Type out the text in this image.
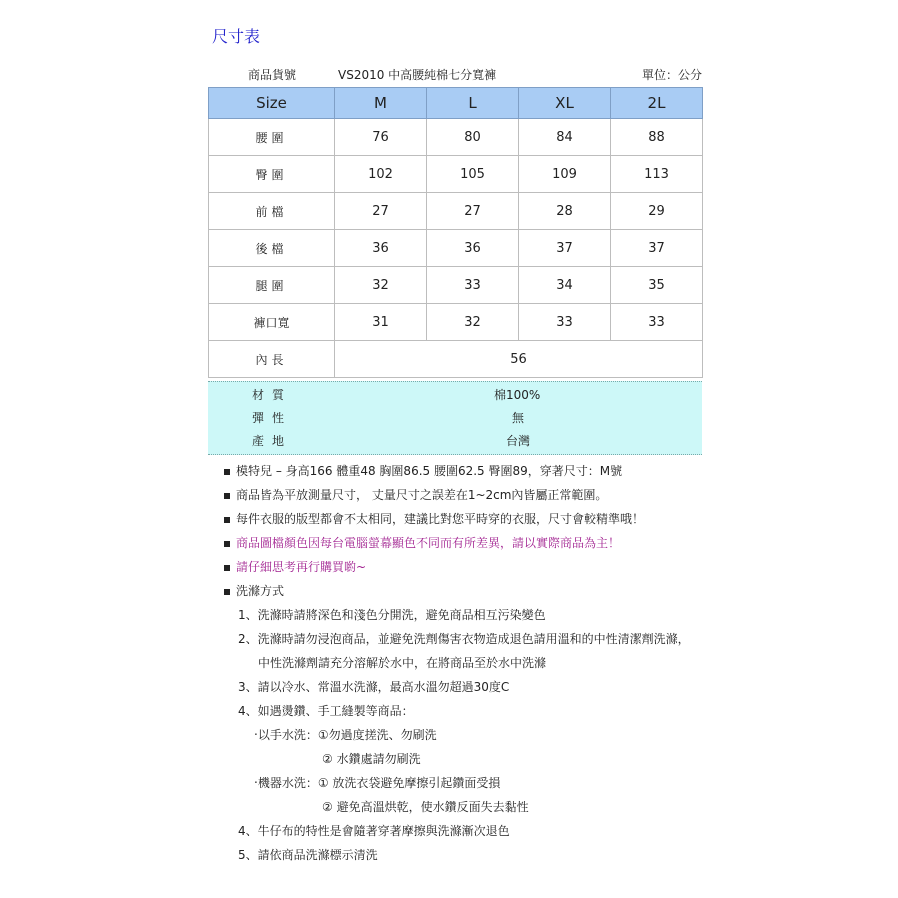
尺寸表
商品貨號	VS2010 中高腰純棉七分寬褲	單位：公分
Size	M	L	XL	2L
腰圍	76	80	84	88
臀圍	102	105	109	113
前檔	27	27	28	29
後檔	36	36	37	37
腿圍	32	33	34	35
褲口寬	31	32	33	33
內長	56			
材質	棉100%
彈性	無
產地	台灣
模特兒 – 身高166 體重48 胸圍86.5 腰圍62.5 臀圍89，穿著尺寸：M號
商品皆為平放測量尺寸， 丈量尺寸之誤差在1~2cm內皆屬正常範圍。
每件衣服的版型都會不太相同，建議比對您平時穿的衣服，尺寸會較精準哦！
商品圖檔顏色因每台電腦螢幕顯色不同而有所差異，請以實際商品為主！
請仔細思考再行購買喲~
洗滌方式
1、洗滌時請將深色和淺色分開洗，避免商品相互污染變色
2、洗滌時請勿浸泡商品，並避免洗劑傷害衣物造成退色請用溫和的中性清潔劑洗滌，
中性洗滌劑請充分溶解於水中，在將商品至於水中洗滌
3、請以冷水、常溫水洗滌，最高水溫勿超過30度C
4、如遇燙鑽、手工縫製等商品：
‧以手水洗：①勿過度搓洗、勿刷洗
② 水鑽處請勿刷洗
‧機器水洗：① 放洗衣袋避免摩擦引起鑽面受損
② 避免高溫烘乾，使水鑽反面失去黏性
4、牛仔布的特性是會隨著穿著摩擦與洗滌漸次退色
5、請依商品洗滌標示清洗
